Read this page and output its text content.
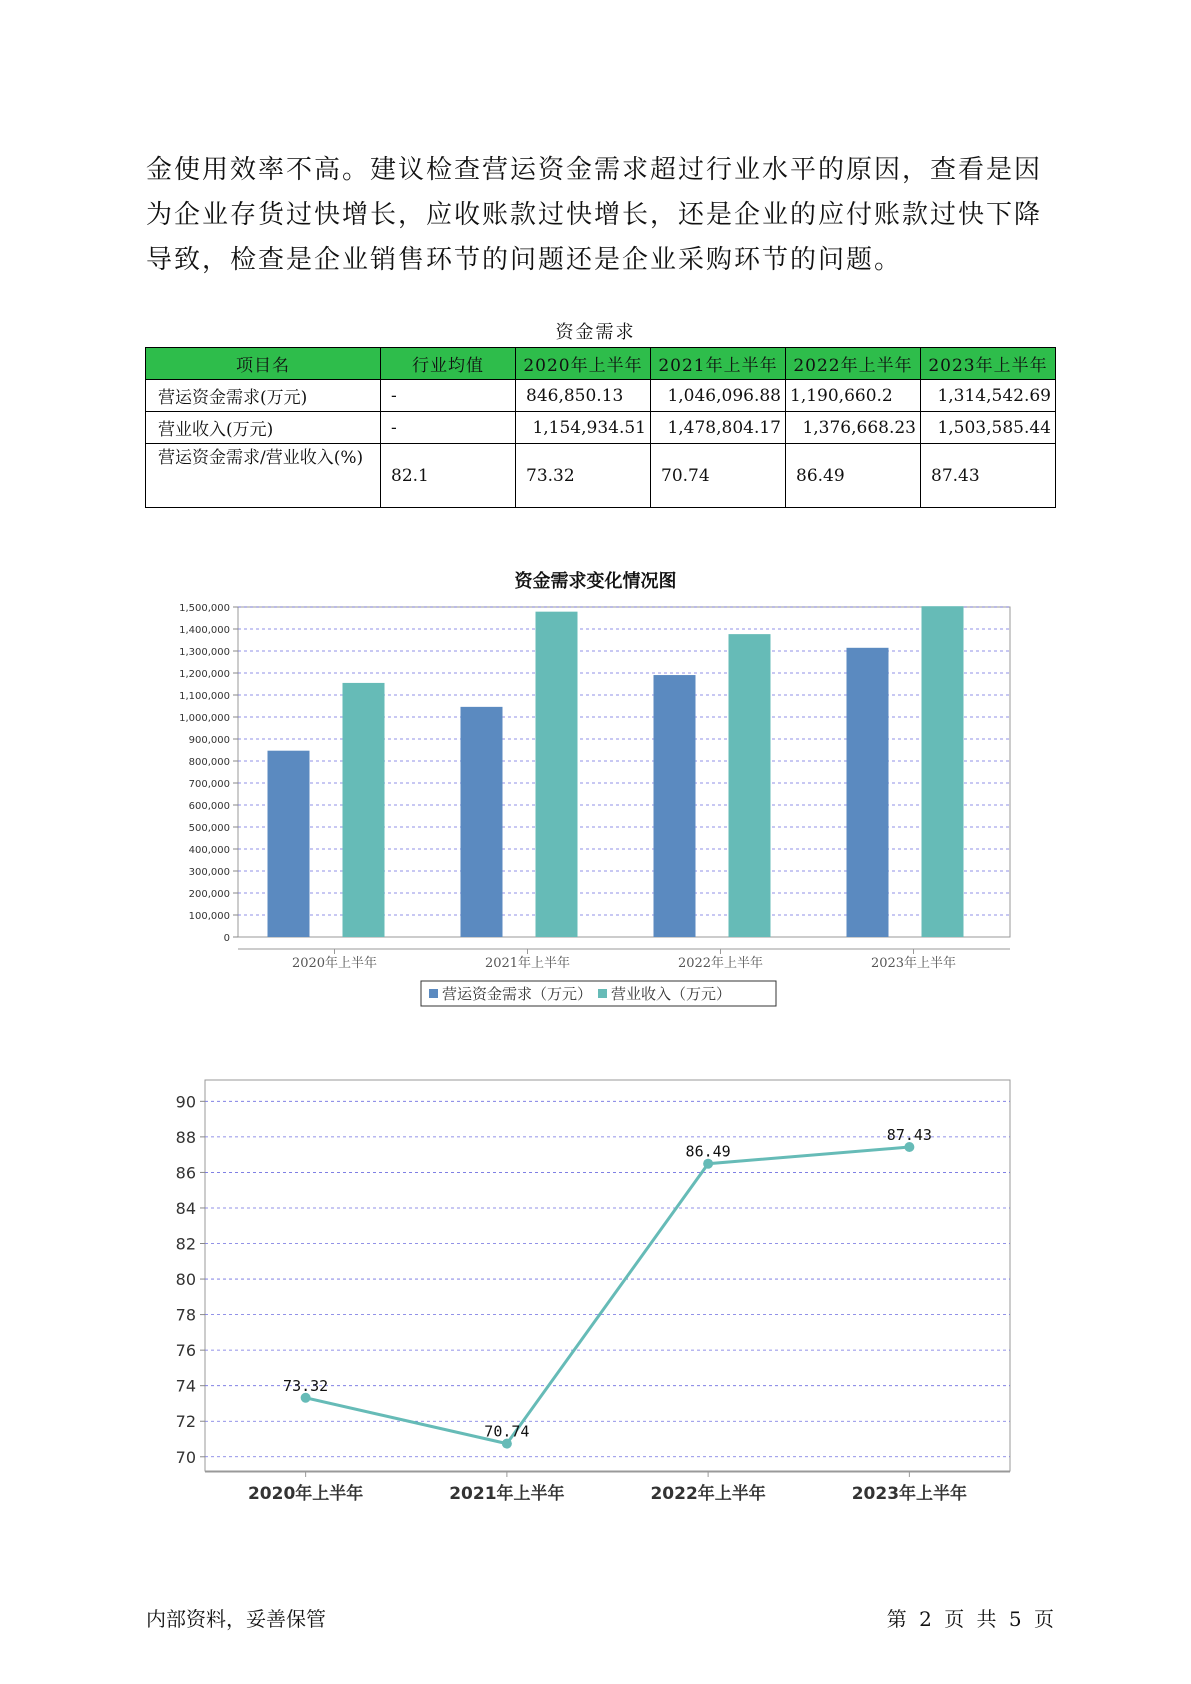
金使用效率不高。建议检查营运资金需求超过行业水平的原因，查看是因
为企业存货过快增长，应收账款过快增长，还是企业的应付账款过快下降
导致，检查是企业销售环节的问题还是企业采购环节的问题。
资金需求
项目名	行业均值	2020年上半年	2021年上半年	2022年上半年	2023年上半年
营运资金需求(万元)	-	846,850.13	1,046,096.88	1,190,660.2	1,314,542.69
营业收入(万元)	-	1,154,934.51	1,478,804.17	1,376,668.23	1,503,585.44
营运资金需求/营业收入(%)	82.1	73.32	70.74	86.49	87.43
资金需求变化情况图
0
100,000
200,000
300,000
400,000
500,000
600,000
700,000
800,000
900,000
1,000,000
1,100,000
1,200,000
1,300,000
1,400,000
1,500,000
2020年上半年	2021年上半年	2022年上半年	2023年上半年
营运资金需求（万元） 营业收入（万元）
70
72
74
76
78
80
82
84
86
88
90
2020年上半年	2021年上半年	2022年上半年	2023年上半年
73.32
70.74
86.49
87.43
内部资料，妥善保管	第 2 页 共 5 页
